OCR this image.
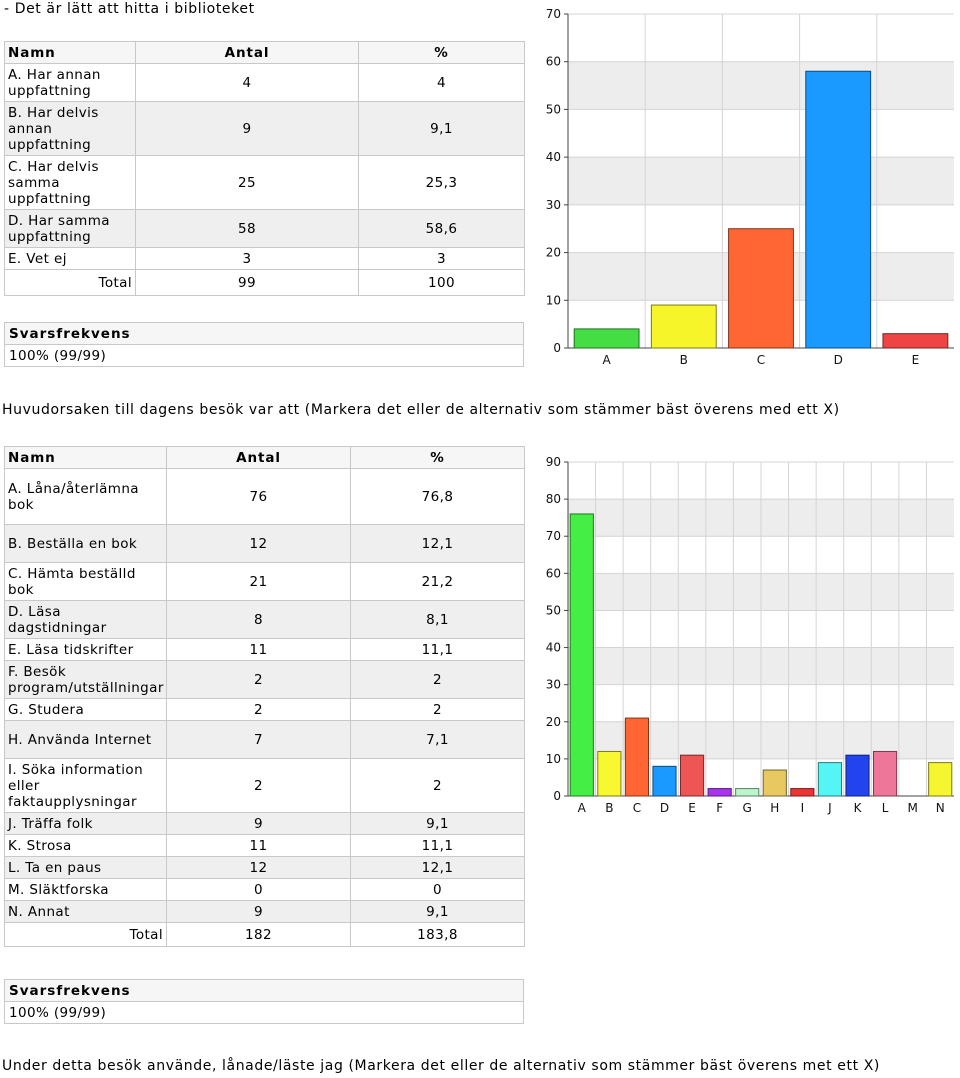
- Det är lätt att hitta i biblioteket
Namn	Antal	%
A. Har annan uppfattning	4	4
B. Har delvis annan uppfattning	9	9,1
C. Har delvis samma uppfattning	25	25,3
D. Har samma uppfattning	58	58,6
E. Vet ej	3	3
Total	99	100
Svarsfrekvens
100% (99/99)	0
10
20
30
40
50
60
70
A	B	C	D	E
Huvudorsaken till dagens besök var att (Markera det eller de alternativ som stämmer bäst överens med ett X)
Namn	Antal	%
A. Låna/återlämna bok	76	76,8
B. Beställa en bok	12	12,1
C. Hämta beställd bok	21	21,2
D. Läsa dagstidningar	8	8,1
E. Läsa tidskrifter	11	11,1
F. Besök program/utställningar	2	2
G. Studera	2	2
H. Använda Internet	7	7,1
I. Söka information eller faktaupplysningar	2	2
J. Träffa folk	9	9,1
K. Strosa	11	11,1
L. Ta en paus	12	12,1
M. Släktforska	0	0
N. Annat	9	9,1
Total	182	183,8
Svarsfrekvens
100% (99/99)
0
10
20
30
40
50
60
70
80
90
A B C D E F G H I J K L M N
Under detta besök använde, lånade/läste jag (Markera det eller de alternativ som stämmer bäst överens met ett X)
